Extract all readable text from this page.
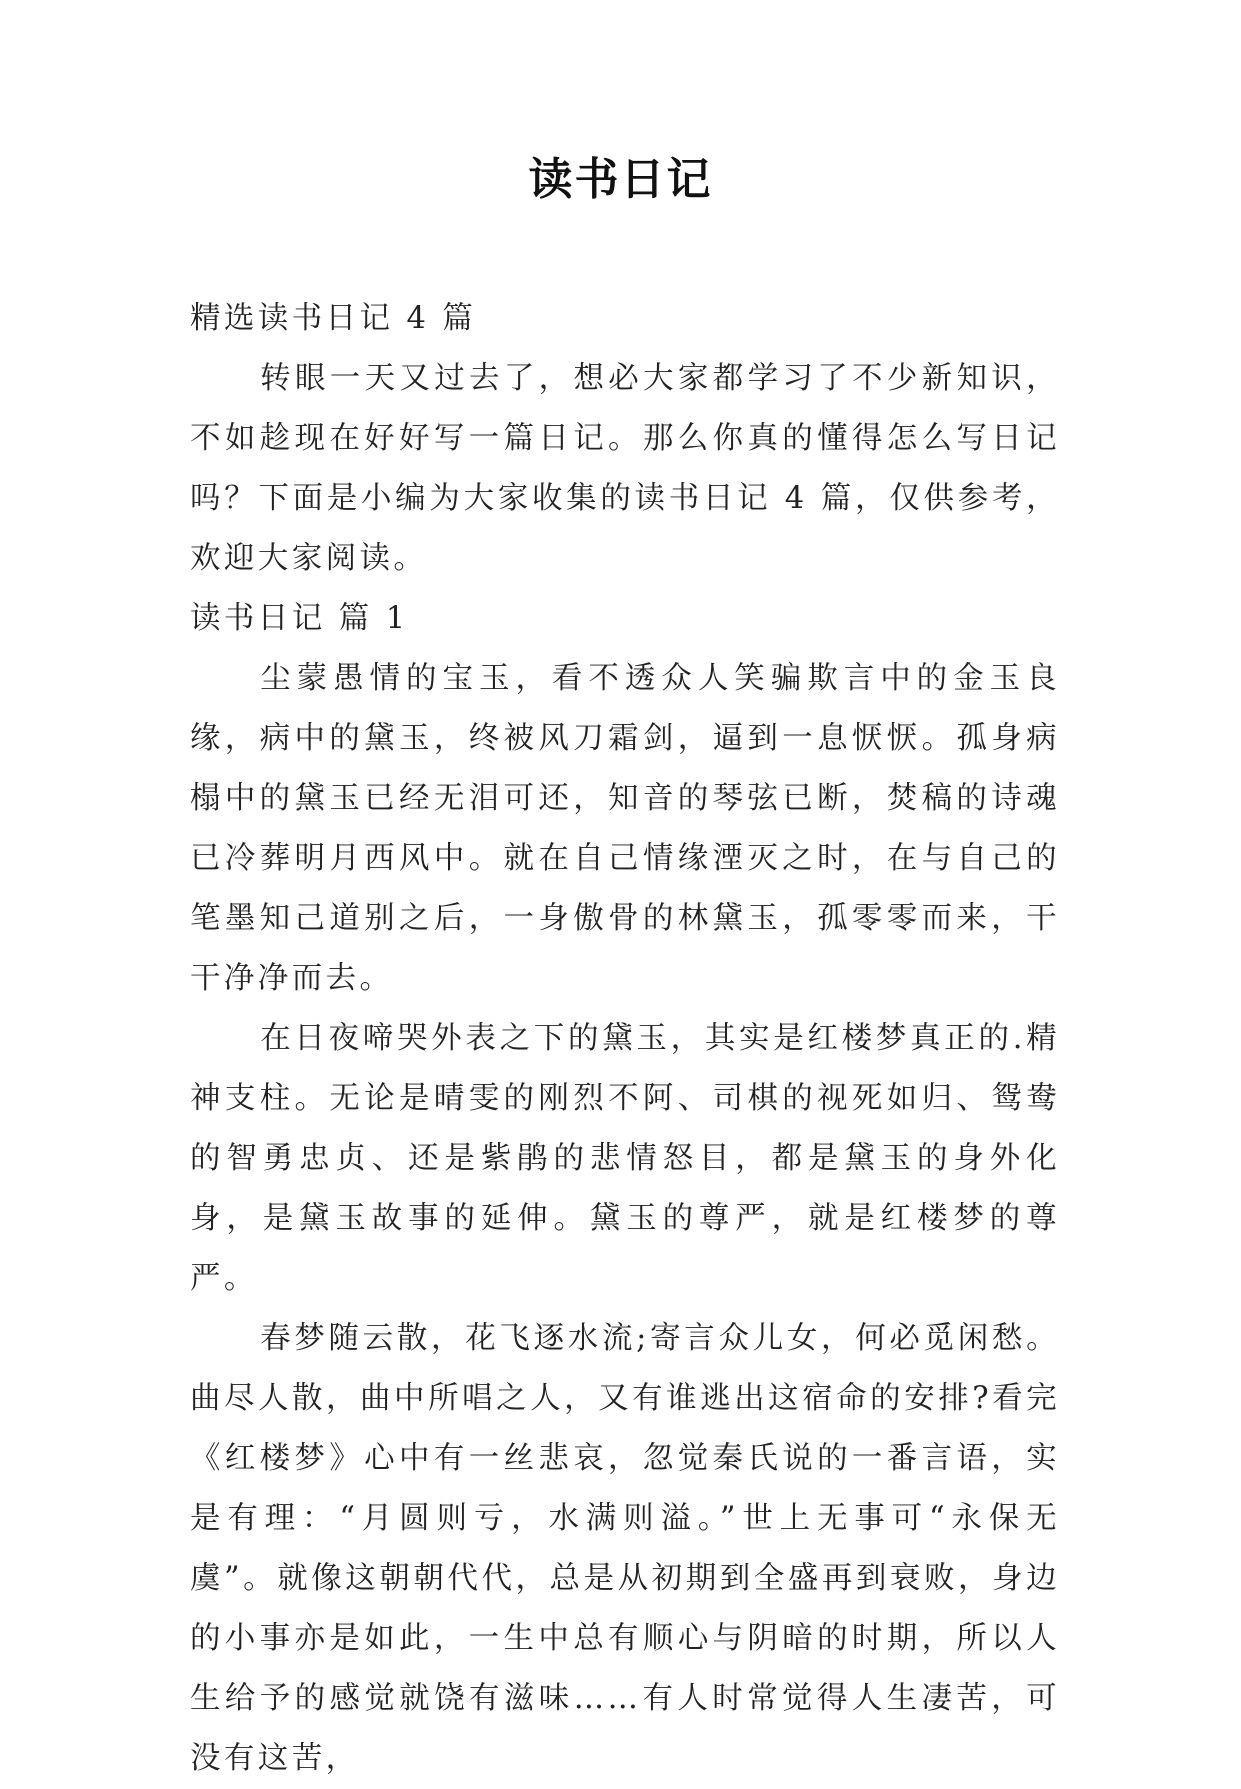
读书日记

精选读书日记 4 篇

转眼一天又过去了，想必大家都学习了不少新知识，不如趁现在好好写一篇日记。那么你真的懂得怎么写日记吗？下面是小编为大家收集的读书日记 4 篇，仅供参考，欢迎大家阅读。

读书日记 篇 1

尘蒙愚情的宝玉，看不透众人笑骗欺言中的金玉良缘，病中的黛玉，终被风刀霜剑，逼到一息恹恹。孤身病榻中的黛玉已经无泪可还，知音的琴弦已断，焚稿的诗魂已冷葬明月西风中。就在自己情缘湮灭之时，在与自己的笔墨知己道别之后，一身傲骨的林黛玉，孤零零而来，干干净净而去。

在日夜啼哭外表之下的黛玉，其实是红楼梦真正的.精神支柱。无论是晴雯的刚烈不阿、司棋的视死如归、鸳鸯的智勇忠贞、还是紫鹃的悲情怒目，都是黛玉的身外化身，是黛玉故事的延伸。黛玉的尊严，就是红楼梦的尊严。

春梦随云散，花飞逐水流;寄言众儿女，何必觅闲愁。曲尽人散，曲中所唱之人，又有谁逃出这宿命的安排?看完《红楼梦》心中有一丝悲哀，忽觉秦氏说的一番言语，实是有理：“月圆则亏，水满则溢。”世上无事可“永保无虞”。就像这朝朝代代，总是从初期到全盛再到衰败，身边的小事亦是如此，一生中总有顺心与阴暗的时期，所以人生给予的感觉就饶有滋味……有人时常觉得人生凄苦，可没有这苦，
